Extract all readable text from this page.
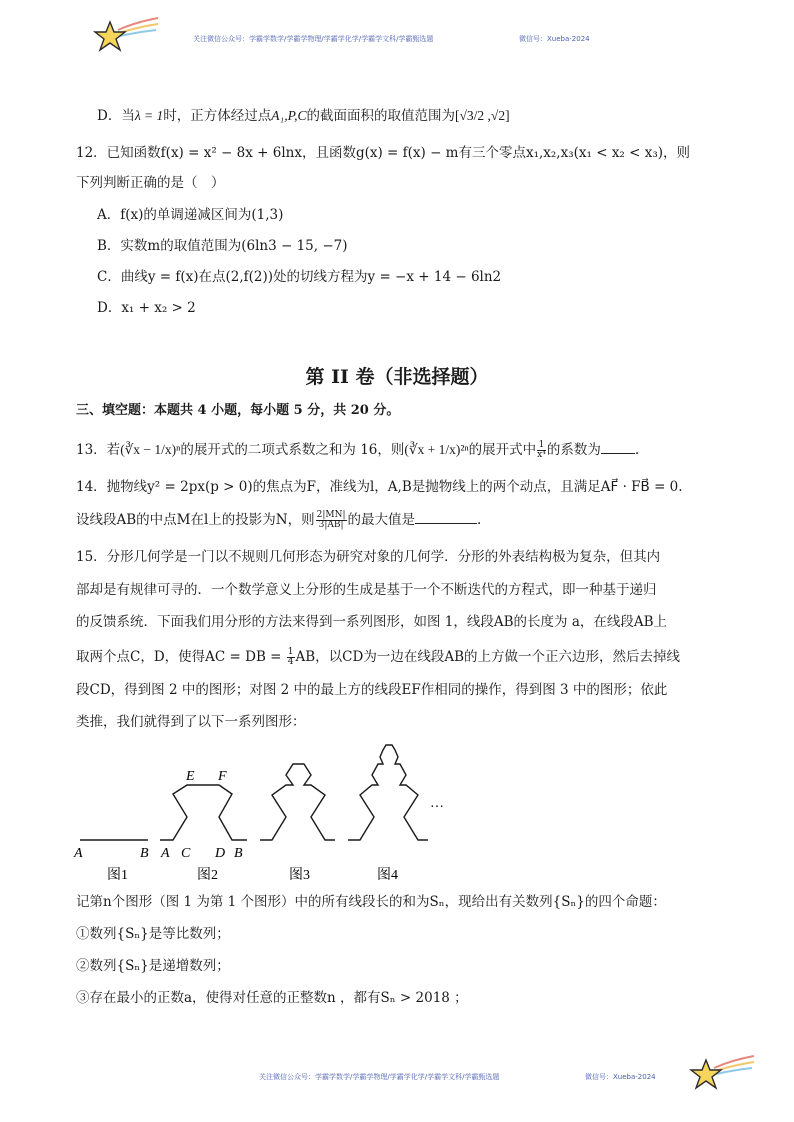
关注微信公众号：学霸学数学/学霸学物理/学霸学化学/学霸学文科/学霸甄选题	微信号：Xueba-2024
D．当λ = 1时，正方体经过点A₁,P,C的截面面积的取值范围为[√3/2 ,√2]
12．已知函数f(x) = x² − 8x + 6lnx，且函数g(x) = f(x) − m有三个零点x₁,x₂,x₃(x₁ < x₂ < x₃)，则
下列判断正确的是（　）
A．f(x)的单调递减区间为(1,3)
B．实数m的取值范围为(6ln3 − 15, −7)
C．曲线y = f(x)在点(2,f(2))处的切线方程为y = −x + 14 − 6ln2
D．x₁ + x₂ > 2
第 II 卷（非选择题）
三、填空题：本题共 4 小题，每小题 5 分，共 20 分。
13．若(∛x − 1/x)ⁿ的展开式的二项式系数之和为 16，则(∛x + 1/x)²ⁿ的展开式中 $\frac{1}{\text{x⁴}}$ 的系数为	.
14．抛物线y² = 2px(p > 0)的焦点为F，准线为l，A,B是抛物线上的两个动点，且满足AF⃗ · FB⃗ = 0.
设线段AB的中点M在l上的投影为N，则 $\frac{2|MN|}{3|AB|}$ 的最大值是	.
15．分形几何学是一门以不规则几何形态为研究对象的几何学．分形的外表结构极为复杂，但其内
部却是有规律可寻的．一个数学意义上分形的生成是基于一个不断迭代的方程式，即一种基于递归
的反馈系统．下面我们用分形的方法来得到一系列图形，如图 1，线段AB的长度为 a，在线段AB上
取两个点C，D，使得AC = DB = $\frac{1}{4}$ AB，以CD为一边在线段AB的上方做一个正六边形，然后去掉线
段CD，得到图 2 中的图形；对图 2 中的最上方的线段EF作相同的操作，得到图 3 中的图形；依此
类推，我们就得到了以下一系列图形：
A	B A C D B
E F
…
图1	图2	图3	图4
记第n个图形（图 1 为第 1 个图形）中的所有线段长的和为Sₙ，现给出有关数列{Sₙ}的四个命题：
①数列{Sₙ}是等比数列；
②数列{Sₙ}是递增数列；
③存在最小的正数a，使得对任意的正整数n ，都有Sₙ > 2018 ；
关注微信公众号：学霸学数学/学霸学物理/学霸学化学/学霸学文科/学霸甄选题	微信号：Xueba-2024
